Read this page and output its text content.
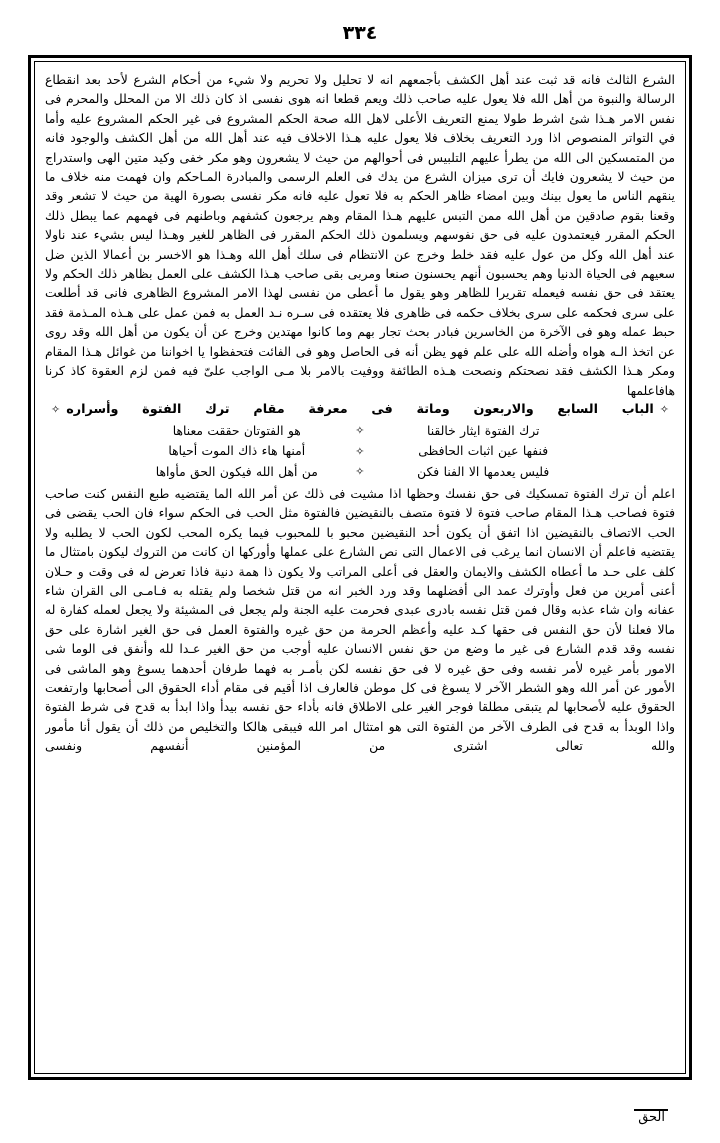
٣٣٤

الشرع الثالث فانه قد ثبت عند أهل الكشف بأجمعهم انه لا تحليل ولا تحريم ولا شيء من أحكام الشرع لأحد بعد انقطاع الرسالة والنبوة من أهل الله فلا يعول عليه صاحب ذلك ويعم قطعا انه هوى نفسى اذ كان ذلك الا من المحلل والمحرم فى نفس الامر هـذا شئ اشرط طولا يمنع التعريف الأعلى لاهل الله صحة الحكم المشروع فى غير الحكم المشروع عليه وأما في التواتر المنصوص اذا ورد التعريف بخلاف فلا يعول عليه هـذا الاخلاف فيه عند أهل الله من أهل الكشف والوجود فانه من المتمسكين الى الله من يطرأ عليهم التلبيس فى أحوالهم من حيث لا يشعرون وهو مكر خفى وكيد متين الهى واستدراج من حيث لا يشعرون فايك أن ترى ميزان الشرع من يدك فى العلم الرسمى والمبادرة المـاحكم وان فهمت منه خلاف ما ينقهم الناس ما يعول بينك وبين امضاء ظاهر الحكم به فلا تعول عليه فانه مكر نفسى بصورة الهية من حيث لا تشعر وقد وقعنا بقوم صادقين من أهل الله ممن التبس عليهم هـذا المقام وهم يرجعون كشفهم وباطنهم فى فهمهم عما يبطل ذلك الحكم المقرر فيعتمدون عليه فى حق نفوسهم ويسلمون ذلك الحكم المقرر فى الظاهر للغير وهـذا ليس بشيء عند ناولا عند أهل الله وكل من عول عليه فقد خلط وخرج عن الانتظام فى سلك أهل الله وهـذا هو الاخسر بن أعمالا الذين ضل سعيهم فى الحياة الدنيا وهم يحسبون أنهم يحسنون صنعا ومربى بقى صاحب هـذا الكشف على العمل بظاهر ذلك الحكم ولا يعتقد فى حق نفسه فيعمله تقريرا للظاهر وهو يقول ما أعطى من نفسى لهذا الامر المشروع الظاهرى فانى قد أطلعت على سرى فحكمه على سرى بخلاف حكمه فى ظاهرى فلا يعتقده فى سـره نـد العمل به فمن عمل على هـذه المـذمة فقد حبط عمله وهو فى الآخرة من الخاسرين فبادر بحث تجار بهم وما كانوا مهتدين وخرج عن أن يكون من أهل الله وقد روى عن اتخذ الـه هواه وأضله الله على علم فهو يظن أنه فى الحاصل وهو فى الفائت فتحفظوا يا اخواننا من غوائل هـذا المقام ومكر هـذا الكشف فقد نصحتكم ونصحت هـذه الطائفة ووفيت بالامر بلا مـى الواجب علىّ فيه فمن لزم العقوة كاذ كرنا هافاعلمها

✧الباب السابع والاربعون وماتة فى معرفة مقام ترك الفتوة وأسراره✧

ترك الفتوة ايثار خالقنا✧هو الفتوتان حققت معناها
فنفها عين اثبات الحافظى✧أمنها هاء ذاك الموت أحياها
فليس يعدمها الا الفنا فكن✧من أهل الله فيكون الحق مأواها

اعلم أن ترك الفتوة تمسكيك فى حق نفسك وحظها اذا مشيت فى ذلك عن أمر الله الما يقتضيه طبع النفس كنت صاحب فتوة فصاحب هـذا المقام صاحب فتوة لا فتوة متصف بالنقيضين فالفتوة مثل الحب فى الحكم سواء فان الحب يقضى فى الحب الاتصاف بالنقيضين اذا اتفق أن يكون أحد النقيضين محبو با للمحبوب فيما يكره المحب لكون الحب لا يطلبه ولا يقتضيه فاعلم أن الانسان انما يرغب فى الاعمال التى نص الشارع على عملها وأوركها ان كانت من التروك ليكون بامتثال ما كلف على حـد ما أعطاه الكشف والايمان والعقل فى أعلى المراتب ولا يكون ذا همة دنية فاذا تعرض له فى وقت و حـلان أعنى أمرين من فعل وأوترك عمد الى أفضلهما وقد ورد الخبر انه من قتل شخصا ولم يقتله به فـامـى الى القران شاء عفانه وان شاء عذبه وقال فمن قتل نفسه بادرى عبدى فحرمت عليه الجنة ولم يجعل فى المشيئة ولا يجعل لعمله كفارة له مالا فعلنا لأن حق النفس فى حقها كـد عليه وأعظم الحرمة من حق غيره والفتوة العمل فى حق الغير اشارة على حق نفسه وقد قدم الشارع فى غير ما وضع من حق نفس الانسان عليه أوجب من حق الغير عـدا لله وأنفق فى الوما شى الامور بأمر غيره لأمر نفسه وفى حق غيره لا فى حق نفسه لكن بأمـر به فهما طرفان أحدهما يسوغ وهو الماشى فى الأمور عن أمر الله وهو الشطر الآخر لا يسوغ فى كل موطن فالعارف اذا أقيم فى مقام أداء الحقوق الى أصحابها وارتفعت الحقوق عليه لأصحابها لم يتبقى مطلقا فوجر الغير على الاطلاق فانه بأداء حق نفسه بيدأ واذا ابدأ به قدح فى شرط الفتوة واذا الوبدأ به قدح فى الطرف الآخر من الفتوة التى هو امتثال امر الله فيبقى هالكا والتخليص من ذلك أن يقول أنا مأمور والله تعالى اشترى من المؤمنين أنفسهم ونفسى

الحق
